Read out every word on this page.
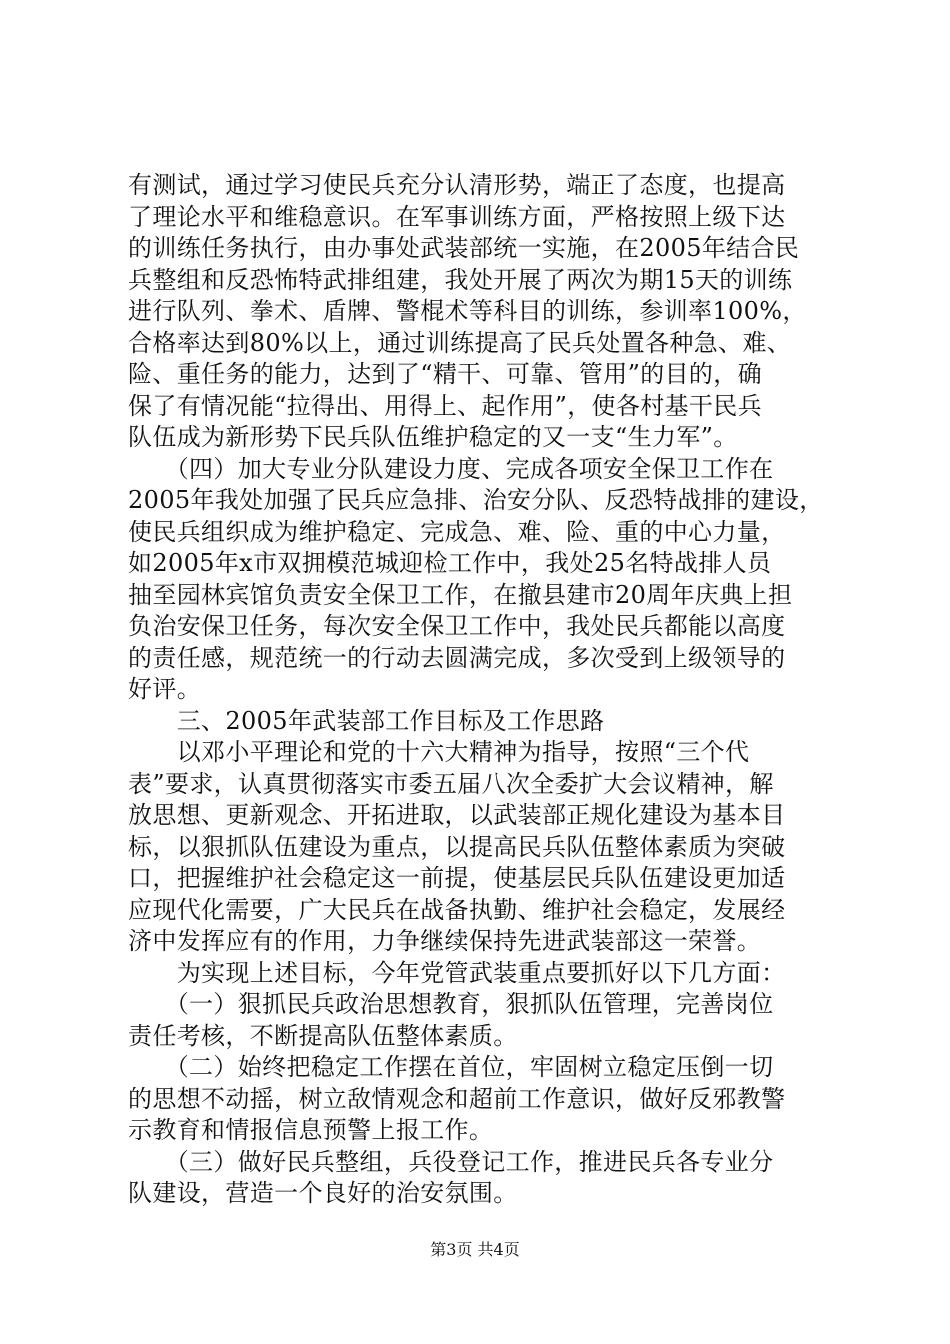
有测试，通过学习使民兵充分认清形势，端正了态度，也提高
了理论水平和维稳意识。在军事训练方面，严格按照上级下达
的训练任务执行，由办事处武装部统一实施，在2005年结合民
兵整组和反恐怖特武排组建，我处开展了两次为期15天的训练
进行队列、拳术、盾牌、警棍术等科目的训练，参训率100%，
合格率达到80%以上，通过训练提高了民兵处置各种急、难、
险、重任务的能力，达到了“精干、可靠、管用”的目的，确
保了有情况能“拉得出、用得上、起作用”，使各村基干民兵
队伍成为新形势下民兵队伍维护稳定的又一支“生力军”。
　　（四）加大专业分队建设力度、完成各项安全保卫工作在
2005年我处加强了民兵应急排、治安分队、反恐特战排的建设，
使民兵组织成为维护稳定、完成急、难、险、重的中心力量，
如2005年x市双拥模范城迎检工作中，我处25名特战排人员
抽至园林宾馆负责安全保卫工作，在撤县建市20周年庆典上担
负治安保卫任务，每次安全保卫工作中，我处民兵都能以高度
的责任感，规范统一的行动去圆满完成，多次受到上级领导的
好评。
　　三、2005年武装部工作目标及工作思路
　　以邓小平理论和党的十六大精神为指导，按照“三个代
表”要求，认真贯彻落实市委五届八次全委扩大会议精神，解
放思想、更新观念、开拓进取，以武装部正规化建设为基本目
标，以狠抓队伍建设为重点，以提高民兵队伍整体素质为突破
口，把握维护社会稳定这一前提，使基层民兵队伍建设更加适
应现代化需要，广大民兵在战备执勤、维护社会稳定，发展经
济中发挥应有的作用，力争继续保持先进武装部这一荣誉。
　　为实现上述目标，今年党管武装重点要抓好以下几方面：
　　（一）狠抓民兵政治思想教育，狠抓队伍管理，完善岗位
责任考核，不断提高队伍整体素质。
　　（二）始终把稳定工作摆在首位，牢固树立稳定压倒一切
的思想不动摇，树立敌情观念和超前工作意识，做好反邪教警
示教育和情报信息预警上报工作。
　　（三）做好民兵整组，兵役登记工作，推进民兵各专业分
队建设，营造一个良好的治安氛围。
第3页 共4页
